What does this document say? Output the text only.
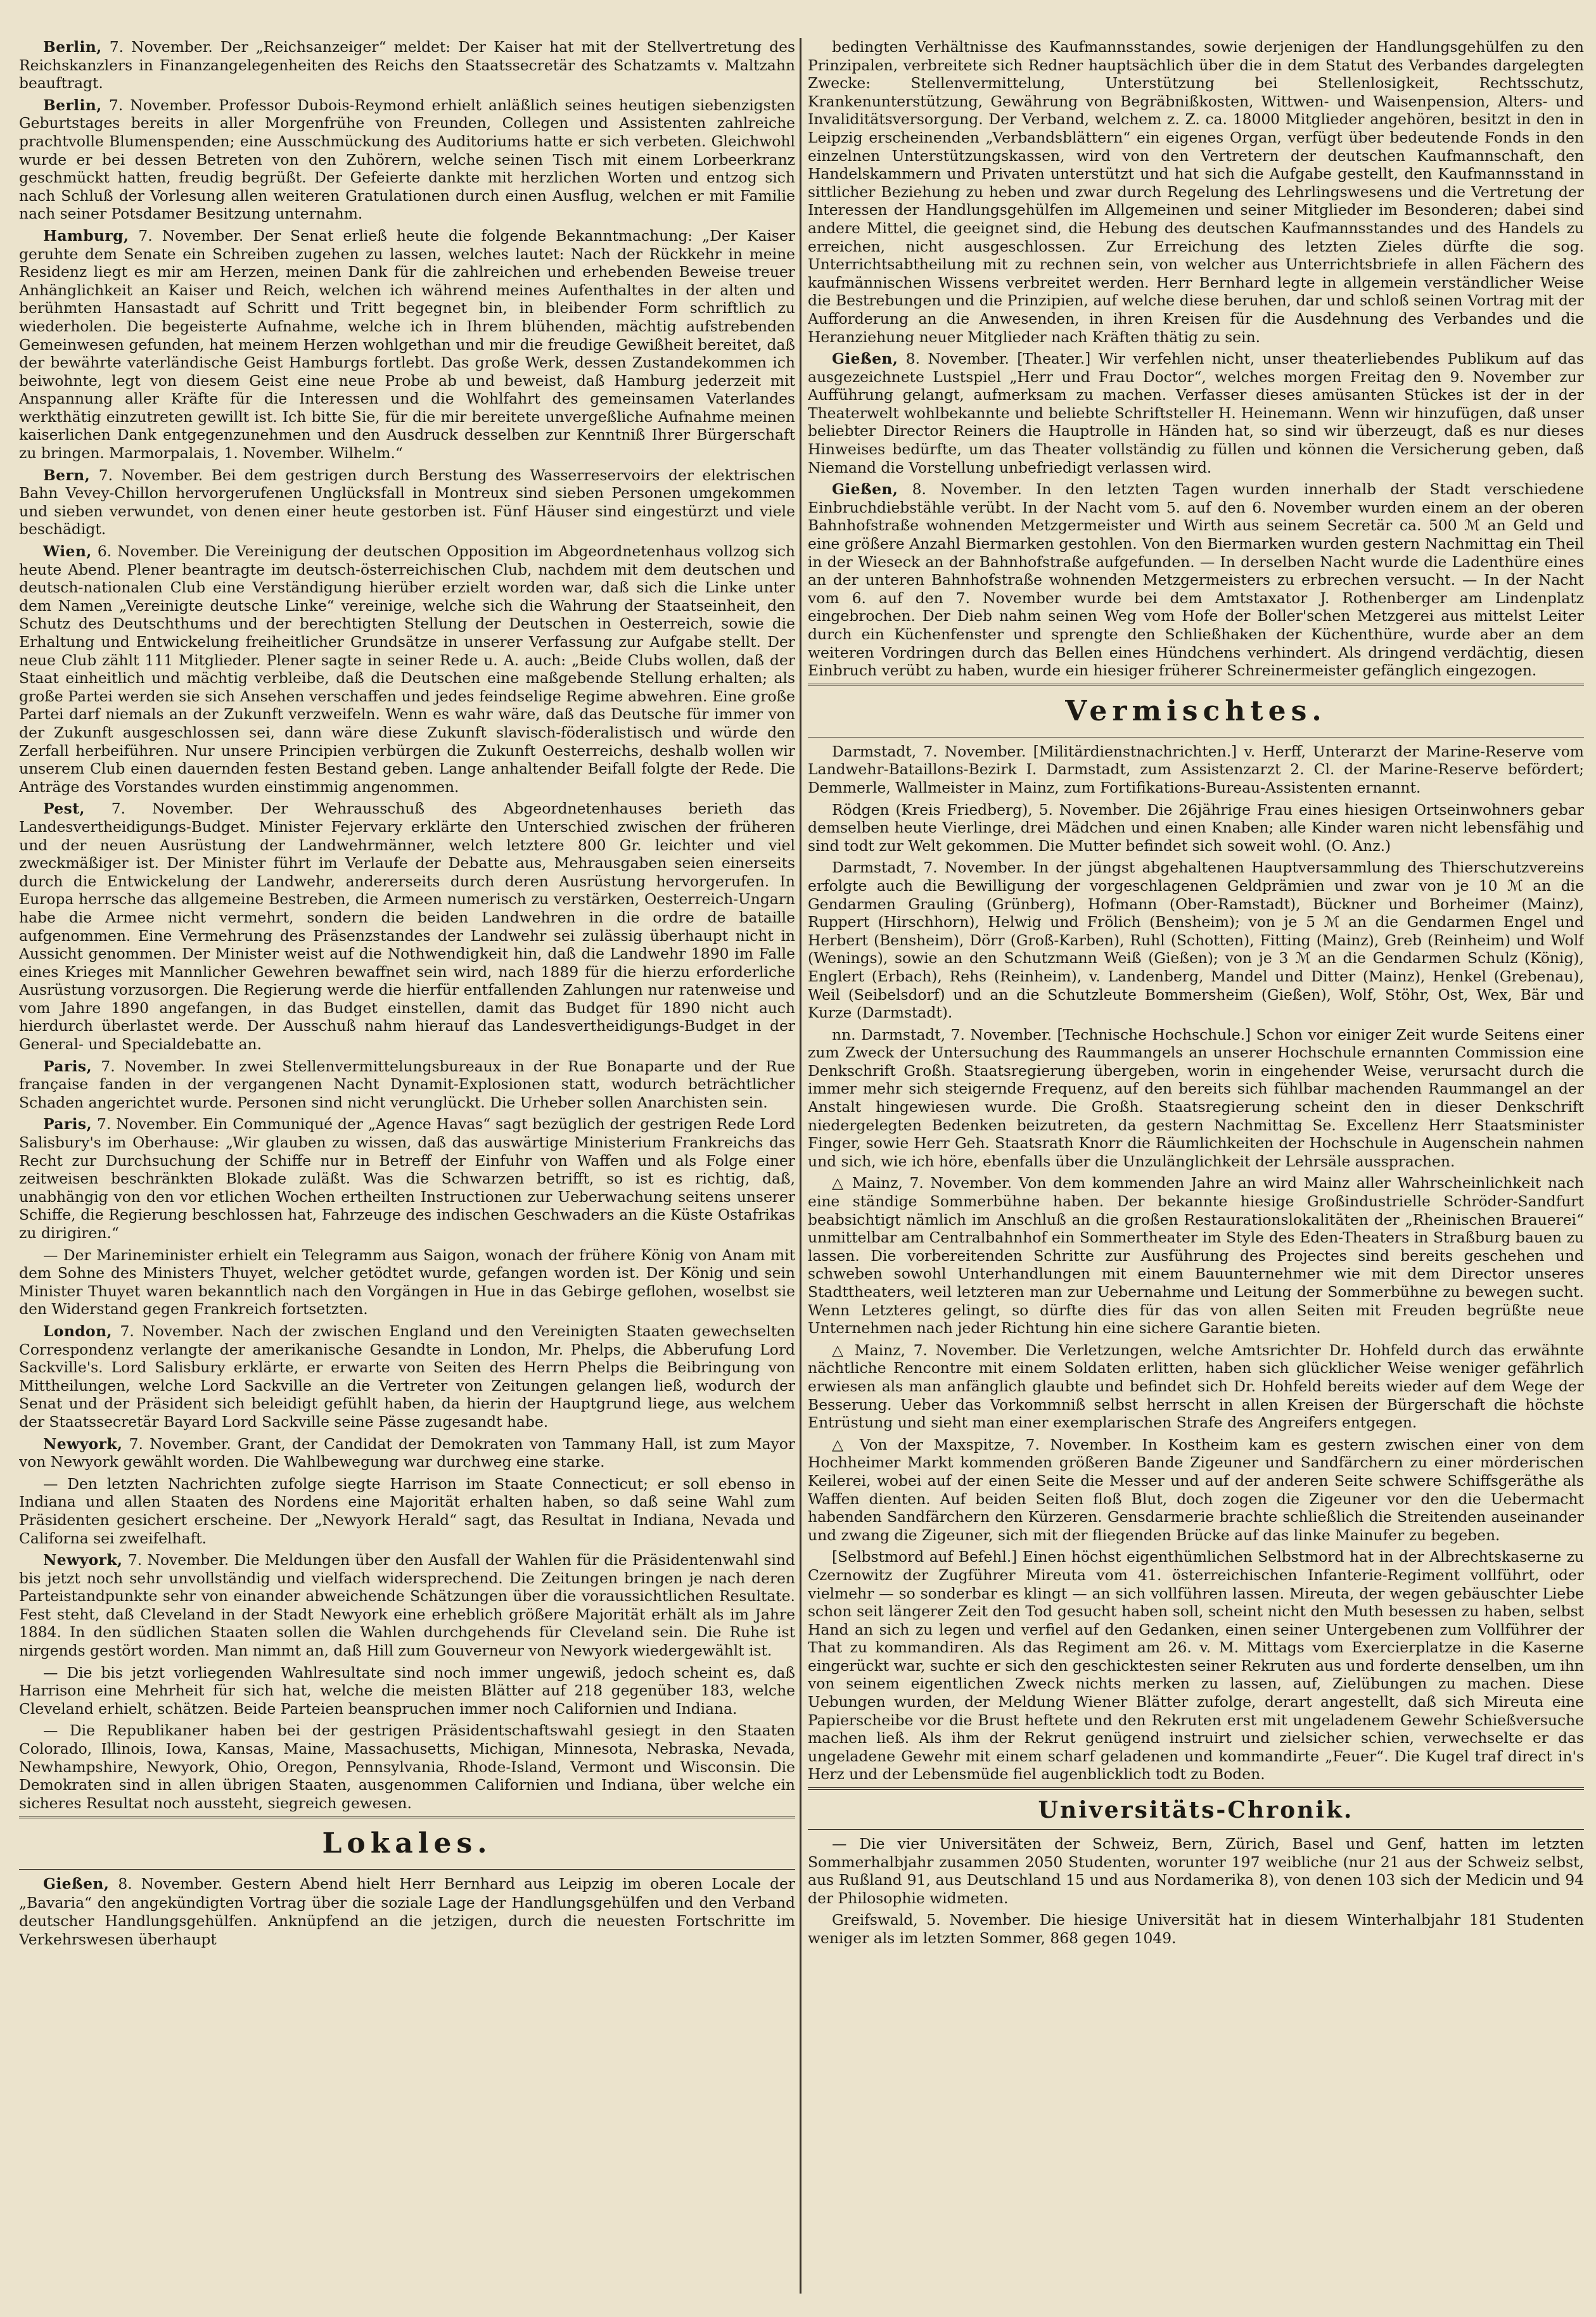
Berlin, 7. November. Der „Reichsanzeiger“ meldet: Der Kaiser hat mit der Stellvertretung des Reichskanzlers in Finanzangelegenheiten des Reichs den Staatssecretär des Schatzamts v. Maltzahn beauftragt.

Berlin, 7. November. Professor Dubois-Reymond erhielt anläßlich seines heutigen siebenzigsten Geburtstages bereits in aller Morgenfrühe von Freunden, Collegen und Assistenten zahlreiche prachtvolle Blumenspenden; eine Ausschmückung des Auditoriums hatte er sich verbeten. Gleichwohl wurde er bei dessen Betreten von den Zuhörern, welche seinen Tisch mit einem Lorbeerkranz geschmückt hatten, freudig begrüßt. Der Gefeierte dankte mit herzlichen Worten und entzog sich nach Schluß der Vorlesung allen weiteren Gratulationen durch einen Ausflug, welchen er mit Familie nach seiner Potsdamer Besitzung unternahm.

Hamburg, 7. November. Der Senat erließ heute die folgende Bekanntmachung: „Der Kaiser geruhte dem Senate ein Schreiben zugehen zu lassen, welches lautet: Nach der Rückkehr in meine Residenz liegt es mir am Herzen, meinen Dank für die zahlreichen und erhebenden Beweise treuer Anhänglichkeit an Kaiser und Reich, welchen ich während meines Aufenthaltes in der alten und berühmten Hansastadt auf Schritt und Tritt begegnet bin, in bleibender Form schriftlich zu wiederholen. Die begeisterte Aufnahme, welche ich in Ihrem blühenden, mächtig aufstrebenden Gemeinwesen gefunden, hat meinem Herzen wohlgethan und mir die freudige Gewißheit bereitet, daß der bewährte vaterländische Geist Hamburgs fortlebt. Das große Werk, dessen Zustandekommen ich beiwohnte, legt von diesem Geist eine neue Probe ab und beweist, daß Hamburg jederzeit mit Anspannung aller Kräfte für die Interessen und die Wohlfahrt des gemeinsamen Vaterlandes werkthätig einzutreten gewillt ist. Ich bitte Sie, für die mir bereitete unvergeßliche Aufnahme meinen kaiserlichen Dank entgegenzunehmen und den Ausdruck desselben zur Kenntniß Ihrer Bürgerschaft zu bringen. Marmorpalais, 1. November. Wilhelm.“

Bern, 7. November. Bei dem gestrigen durch Berstung des Wasserreservoirs der elektrischen Bahn Vevey-Chillon hervorgerufenen Unglücksfall in Montreux sind sieben Personen umgekommen und sieben verwundet, von denen einer heute gestorben ist. Fünf Häuser sind eingestürzt und viele beschädigt.

Wien, 6. November. Die Vereinigung der deutschen Opposition im Abgeordnetenhaus vollzog sich heute Abend. Plener beantragte im deutsch-österreichischen Club, nachdem mit dem deutschen und deutsch-nationalen Club eine Verständigung hierüber erzielt worden war, daß sich die Linke unter dem Namen „Vereinigte deutsche Linke“ vereinige, welche sich die Wahrung der Staatseinheit, den Schutz des Deutschthums und der berechtigten Stellung der Deutschen in Oesterreich, sowie die Erhaltung und Entwickelung freiheitlicher Grundsätze in unserer Verfassung zur Aufgabe stellt. Der neue Club zählt 111 Mitglieder. Plener sagte in seiner Rede u. A. auch: „Beide Clubs wollen, daß der Staat einheitlich und mächtig verbleibe, daß die Deutschen eine maßgebende Stellung erhalten; als große Partei werden sie sich Ansehen verschaffen und jedes feindselige Regime abwehren. Eine große Partei darf niemals an der Zukunft verzweifeln. Wenn es wahr wäre, daß das Deutsche für immer von der Zukunft ausgeschlossen sei, dann wäre diese Zukunft slavisch-föderalistisch und würde den Zerfall herbeiführen. Nur unsere Principien verbürgen die Zukunft Oesterreichs, deshalb wollen wir unserem Club einen dauernden festen Bestand geben. Lange anhaltender Beifall folgte der Rede. Die Anträge des Vorstandes wurden einstimmig angenommen.

Pest, 7. November. Der Wehrausschuß des Abgeordnetenhauses berieth das Landesvertheidigungs-Budget. Minister Fejervary erklärte den Unterschied zwischen der früheren und der neuen Ausrüstung der Landwehrmänner, welch letztere 800 Gr. leichter und viel zweckmäßiger ist. Der Minister führt im Verlaufe der Debatte aus, Mehrausgaben seien einerseits durch die Entwickelung der Landwehr, andererseits durch deren Ausrüstung hervorgerufen. In Europa herrsche das allgemeine Bestreben, die Armeen numerisch zu verstärken, Oesterreich-Ungarn habe die Armee nicht vermehrt, sondern die beiden Landwehren in die ordre de bataille aufgenommen. Eine Vermehrung des Präsenzstandes der Landwehr sei zulässig überhaupt nicht in Aussicht genommen. Der Minister weist auf die Nothwendigkeit hin, daß die Landwehr 1890 im Falle eines Krieges mit Mannlicher Gewehren bewaffnet sein wird, nach 1889 für die hierzu erforderliche Ausrüstung vorzusorgen. Die Regierung werde die hierfür entfallenden Zahlungen nur ratenweise und vom Jahre 1890 angefangen, in das Budget einstellen, damit das Budget für 1890 nicht auch hierdurch überlastet werde. Der Ausschuß nahm hierauf das Landesvertheidigungs-Budget in der General- und Specialdebatte an.

Paris, 7. November. In zwei Stellenvermittelungsbureaux in der Rue Bonaparte und der Rue française fanden in der vergangenen Nacht Dynamit-Explosionen statt, wodurch beträchtlicher Schaden angerichtet wurde. Personen sind nicht verunglückt. Die Urheber sollen Anarchisten sein.

Paris, 7. November. Ein Communiqué der „Agence Havas“ sagt bezüglich der gestrigen Rede Lord Salisbury's im Oberhause: „Wir glauben zu wissen, daß das auswärtige Ministerium Frankreichs das Recht zur Durchsuchung der Schiffe nur in Betreff der Einfuhr von Waffen und als Folge einer zeitweisen beschränkten Blokade zuläßt. Was die Schwarzen betrifft, so ist es richtig, daß, unabhängig von den vor etlichen Wochen ertheilten Instructionen zur Ueberwachung seitens unserer Schiffe, die Regierung beschlossen hat, Fahrzeuge des indischen Geschwaders an die Küste Ostafrikas zu dirigiren.“

— Der Marineminister erhielt ein Telegramm aus Saigon, wonach der frühere König von Anam mit dem Sohne des Ministers Thuyet, welcher getödtet wurde, gefangen worden ist. Der König und sein Minister Thuyet waren bekanntlich nach den Vorgängen in Hue in das Gebirge geflohen, woselbst sie den Widerstand gegen Frankreich fortsetzten.

London, 7. November. Nach der zwischen England und den Vereinigten Staaten gewechselten Correspondenz verlangte der amerikanische Gesandte in London, Mr. Phelps, die Abberufung Lord Sackville's. Lord Salisbury erklärte, er erwarte von Seiten des Herrn Phelps die Beibringung von Mittheilungen, welche Lord Sackville an die Vertreter von Zeitungen gelangen ließ, wodurch der Senat und der Präsident sich beleidigt gefühlt haben, da hierin der Hauptgrund liege, aus welchem der Staatssecretär Bayard Lord Sackville seine Pässe zugesandt habe.

Newyork, 7. November. Grant, der Candidat der Demokraten von Tammany Hall, ist zum Mayor von Newyork gewählt worden. Die Wahlbewegung war durchweg eine starke.

— Den letzten Nachrichten zufolge siegte Harrison im Staate Connecticut; er soll ebenso in Indiana und allen Staaten des Nordens eine Majorität erhalten haben, so daß seine Wahl zum Präsidenten gesichert erscheine. Der „Newyork Herald“ sagt, das Resultat in Indiana, Nevada und Californa sei zweifelhaft.

Newyork, 7. November. Die Meldungen über den Ausfall der Wahlen für die Präsidentenwahl sind bis jetzt noch sehr unvollständig und vielfach widersprechend. Die Zeitungen bringen je nach deren Parteistandpunkte sehr von einander abweichende Schätzungen über die voraussichtlichen Resultate. Fest steht, daß Cleveland in der Stadt Newyork eine erheblich größere Majorität erhält als im Jahre 1884. In den südlichen Staaten sollen die Wahlen durchgehends für Cleveland sein. Die Ruhe ist nirgends gestört worden. Man nimmt an, daß Hill zum Gouverneur von Newyork wiedergewählt ist.

— Die bis jetzt vorliegenden Wahlresultate sind noch immer ungewiß, jedoch scheint es, daß Harrison eine Mehrheit für sich hat, welche die meisten Blätter auf 218 gegenüber 183, welche Cleveland erhielt, schätzen. Beide Parteien beanspruchen immer noch Californien und Indiana.

— Die Republikaner haben bei der gestrigen Präsidentschaftswahl gesiegt in den Staaten Colorado, Illinois, Iowa, Kansas, Maine, Massachusetts, Michigan, Minnesota, Nebraska, Nevada, Newhampshire, Newyork, Ohio, Oregon, Pennsylvania, Rhode-Island, Vermont und Wisconsin. Die Demokraten sind in allen übrigen Staaten, ausgenommen Californien und Indiana, über welche ein sicheres Resultat noch aussteht, siegreich gewesen.

Lokales.

Gießen, 8. November. Gestern Abend hielt Herr Bernhard aus Leipzig im oberen Locale der „Bavaria“ den angekündigten Vortrag über die soziale Lage der Handlungsgehülfen und den Verband deutscher Handlungsgehülfen. Anknüpfend an die jetzigen, durch die neuesten Fortschritte im Verkehrswesen überhaupt

bedingten Verhältnisse des Kaufmannsstandes, sowie derjenigen der Handlungsgehülfen zu den Prinzipalen, verbreitete sich Redner hauptsächlich über die in dem Statut des Verbandes dargelegten Zwecke: Stellenvermittelung, Unterstützung bei Stellenlosigkeit, Rechtsschutz, Krankenunterstützung, Gewährung von Begräbnißkosten, Wittwen- und Waisenpension, Alters- und Invaliditätsversorgung. Der Verband, welchem z. Z. ca. 18000 Mitglieder angehören, besitzt in den in Leipzig erscheinenden „Verbandsblättern“ ein eigenes Organ, verfügt über bedeutende Fonds in den einzelnen Unterstützungskassen, wird von den Vertretern der deutschen Kaufmannschaft, den Handelskammern und Privaten unterstützt und hat sich die Aufgabe gestellt, den Kaufmannsstand in sittlicher Beziehung zu heben und zwar durch Regelung des Lehrlingswesens und die Vertretung der Interessen der Handlungsgehülfen im Allgemeinen und seiner Mitglieder im Besonderen; dabei sind andere Mittel, die geeignet sind, die Hebung des deutschen Kaufmannsstandes und des Handels zu erreichen, nicht ausgeschlossen. Zur Erreichung des letzten Zieles dürfte die sog. Unterrichtsabtheilung mit zu rechnen sein, von welcher aus Unterrichtsbriefe in allen Fächern des kaufmännischen Wissens verbreitet werden. Herr Bernhard legte in allgemein verständlicher Weise die Bestrebungen und die Prinzipien, auf welche diese beruhen, dar und schloß seinen Vortrag mit der Aufforderung an die Anwesenden, in ihren Kreisen für die Ausdehnung des Verbandes und die Heranziehung neuer Mitglieder nach Kräften thätig zu sein.

Gießen, 8. November. [Theater.] Wir verfehlen nicht, unser theaterliebendes Publikum auf das ausgezeichnete Lustspiel „Herr und Frau Doctor“, welches morgen Freitag den 9. November zur Aufführung gelangt, aufmerksam zu machen. Verfasser dieses amüsanten Stückes ist der in der Theaterwelt wohlbekannte und beliebte Schriftsteller H. Heinemann. Wenn wir hinzufügen, daß unser beliebter Director Reiners die Hauptrolle in Händen hat, so sind wir überzeugt, daß es nur dieses Hinweises bedürfte, um das Theater vollständig zu füllen und können die Versicherung geben, daß Niemand die Vorstellung unbefriedigt verlassen wird.

Gießen, 8. November. In den letzten Tagen wurden innerhalb der Stadt verschiedene Einbruchdiebstähle verübt. In der Nacht vom 5. auf den 6. November wurden einem an der oberen Bahnhofstraße wohnenden Metzgermeister und Wirth aus seinem Secretär ca. 500 ℳ an Geld und eine größere Anzahl Biermarken gestohlen. Von den Biermarken wurden gestern Nachmittag ein Theil in der Wieseck an der Bahnhofstraße aufgefunden. — In derselben Nacht wurde die Ladenthüre eines an der unteren Bahnhofstraße wohnenden Metzgermeisters zu erbrechen versucht. — In der Nacht vom 6. auf den 7. November wurde bei dem Amtstaxator J. Rothenberger am Lindenplatz eingebrochen. Der Dieb nahm seinen Weg vom Hofe der Boller'schen Metzgerei aus mittelst Leiter durch ein Küchenfenster und sprengte den Schließhaken der Küchenthüre, wurde aber an dem weiteren Vordringen durch das Bellen eines Hündchens verhindert. Als dringend verdächtig, diesen Einbruch verübt zu haben, wurde ein hiesiger früherer Schreinermeister gefänglich eingezogen.

Vermischtes.

Darmstadt, 7. November. [Militärdienstnachrichten.] v. Herff, Unterarzt der Marine-Reserve vom Landwehr-Bataillons-Bezirk I. Darmstadt, zum Assistenzarzt 2. Cl. der Marine-Reserve befördert; Demmerle, Wallmeister in Mainz, zum Fortifikations-Bureau-Assistenten ernannt.

Rödgen (Kreis Friedberg), 5. November. Die 26jährige Frau eines hiesigen Ortseinwohners gebar demselben heute Vierlinge, drei Mädchen und einen Knaben; alle Kinder waren nicht lebensfähig und sind todt zur Welt gekommen. Die Mutter befindet sich soweit wohl. (O. Anz.)

Darmstadt, 7. November. In der jüngst abgehaltenen Hauptversammlung des Thierschutzvereins erfolgte auch die Bewilligung der vorgeschlagenen Geldprämien und zwar von je 10 ℳ an die Gendarmen Grauling (Grünberg), Hofmann (Ober-Ramstadt), Bückner und Borheimer (Mainz), Ruppert (Hirschhorn), Helwig und Frölich (Bensheim); von je 5 ℳ an die Gendarmen Engel und Herbert (Bensheim), Dörr (Groß-Karben), Ruhl (Schotten), Fitting (Mainz), Greb (Reinheim) und Wolf (Wenings), sowie an den Schutzmann Weiß (Gießen); von je 3 ℳ an die Gendarmen Schulz (König), Englert (Erbach), Rehs (Reinheim), v. Landenberg, Mandel und Ditter (Mainz), Henkel (Grebenau), Weil (Seibelsdorf) und an die Schutzleute Bommersheim (Gießen), Wolf, Stöhr, Ost, Wex, Bär und Kurze (Darmstadt).

nn. Darmstadt, 7. November. [Technische Hochschule.] Schon vor einiger Zeit wurde Seitens einer zum Zweck der Untersuchung des Raummangels an unserer Hochschule ernannten Commission eine Denkschrift Großh. Staatsregierung übergeben, worin in eingehender Weise, verursacht durch die immer mehr sich steigernde Frequenz, auf den bereits sich fühlbar machenden Raummangel an der Anstalt hingewiesen wurde. Die Großh. Staatsregierung scheint den in dieser Denkschrift niedergelegten Bedenken beizutreten, da gestern Nachmittag Se. Excellenz Herr Staatsminister Finger, sowie Herr Geh. Staatsrath Knorr die Räumlichkeiten der Hochschule in Augenschein nahmen und sich, wie ich höre, ebenfalls über die Unzulänglichkeit der Lehrsäle aussprachen.

△ Mainz, 7. November. Von dem kommenden Jahre an wird Mainz aller Wahrscheinlichkeit nach eine ständige Sommerbühne haben. Der bekannte hiesige Großindustrielle Schröder-Sandfurt beabsichtigt nämlich im Anschluß an die großen Restaurationslokalitäten der „Rheinischen Brauerei“ unmittelbar am Centralbahnhof ein Sommertheater im Style des Eden-Theaters in Straßburg bauen zu lassen. Die vorbereitenden Schritte zur Ausführung des Projectes sind bereits geschehen und schweben sowohl Unterhandlungen mit einem Bauunternehmer wie mit dem Director unseres Stadttheaters, weil letzteren man zur Uebernahme und Leitung der Sommerbühne zu bewegen sucht. Wenn Letzteres gelingt, so dürfte dies für das von allen Seiten mit Freuden begrüßte neue Unternehmen nach jeder Richtung hin eine sichere Garantie bieten.

△ Mainz, 7. November. Die Verletzungen, welche Amtsrichter Dr. Hohfeld durch das erwähnte nächtliche Rencontre mit einem Soldaten erlitten, haben sich glücklicher Weise weniger gefährlich erwiesen als man anfänglich glaubte und befindet sich Dr. Hohfeld bereits wieder auf dem Wege der Besserung. Ueber das Vorkommniß selbst herrscht in allen Kreisen der Bürgerschaft die höchste Entrüstung und sieht man einer exemplarischen Strafe des Angreifers entgegen.

△ Von der Maxspitze, 7. November. In Kostheim kam es gestern zwischen einer von dem Hochheimer Markt kommenden größeren Bande Zigeuner und Sandfärchern zu einer mörderischen Keilerei, wobei auf der einen Seite die Messer und auf der anderen Seite schwere Schiffsgeräthe als Waffen dienten. Auf beiden Seiten floß Blut, doch zogen die Zigeuner vor den die Uebermacht habenden Sandfärchern den Kürzeren. Gensdarmerie brachte schließlich die Streitenden auseinander und zwang die Zigeuner, sich mit der fliegenden Brücke auf das linke Mainufer zu begeben.

[Selbstmord auf Befehl.] Einen höchst eigenthümlichen Selbstmord hat in der Albrechtskaserne zu Czernowitz der Zugführer Mireuta vom 41. österreichischen Infanterie-Regiment vollführt, oder vielmehr — so sonderbar es klingt — an sich vollführen lassen. Mireuta, der wegen gebäuschter Liebe schon seit längerer Zeit den Tod gesucht haben soll, scheint nicht den Muth besessen zu haben, selbst Hand an sich zu legen und verfiel auf den Gedanken, einen seiner Untergebenen zum Vollführer der That zu kommandiren. Als das Regiment am 26. v. M. Mittags vom Exercierplatze in die Kaserne eingerückt war, suchte er sich den geschicktesten seiner Rekruten aus und forderte denselben, um ihn von seinem eigentlichen Zweck nichts merken zu lassen, auf, Zielübungen zu machen. Diese Uebungen wurden, der Meldung Wiener Blätter zufolge, derart angestellt, daß sich Mireuta eine Papierscheibe vor die Brust heftete und den Rekruten erst mit ungeladenem Gewehr Schießversuche machen ließ. Als ihm der Rekrut genügend instruirt und zielsicher schien, verwechselte er das ungeladene Gewehr mit einem scharf geladenen und kommandirte „Feuer“. Die Kugel traf direct in's Herz und der Lebensmüde fiel augenblicklich todt zu Boden.

Universitäts-Chronik.

— Die vier Universitäten der Schweiz, Bern, Zürich, Basel und Genf, hatten im letzten Sommerhalbjahr zusammen 2050 Studenten, worunter 197 weibliche (nur 21 aus der Schweiz selbst, aus Rußland 91, aus Deutschland 15 und aus Nordamerika 8), von denen 103 sich der Medicin und 94 der Philosophie widmeten.

Greifswald, 5. November. Die hiesige Universität hat in diesem Winterhalbjahr 181 Studenten weniger als im letzten Sommer, 868 gegen 1049.
